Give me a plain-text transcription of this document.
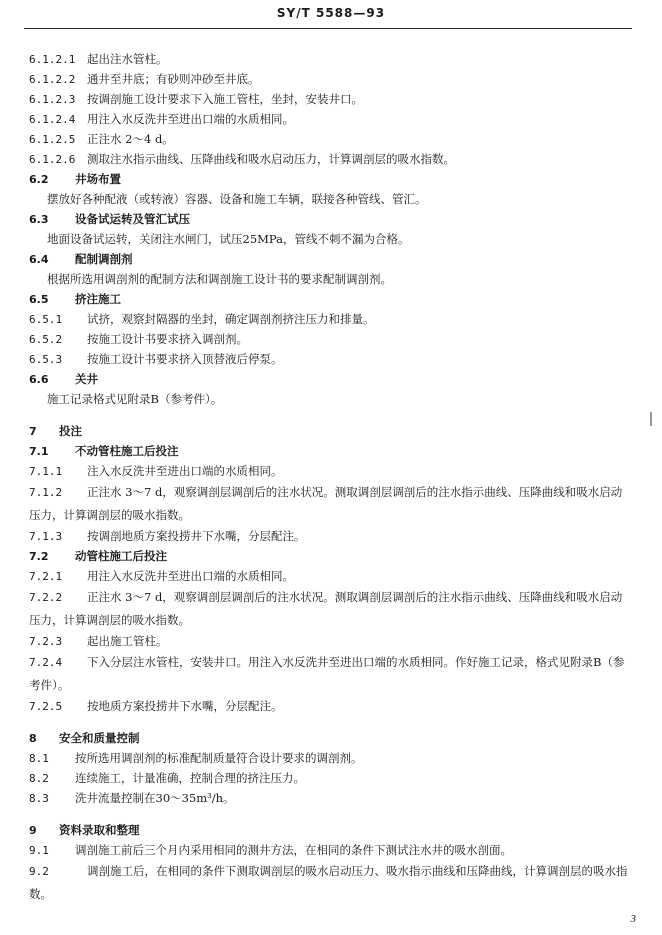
SY/T 5588—93
6.1.2.1 起出注水管柱。
6.1.2.2 通井至井底；有砂则冲砂至井底。
6.1.2.3 按调剖施工设计要求下入施工管柱，坐封，安装井口。
6.1.2.4 用注入水反洗井至进出口端的水质相同。
6.1.2.5 正注水 2～4 d。
6.1.2.6 测取注水指示曲线、压降曲线和吸水启动压力，计算调剖层的吸水指数。
6.2 井场布置
摆放好各种配液（或转液）容器、设备和施工车辆，联接各种管线、管汇。
6.3 设备试运转及管汇试压
地面设备试运转，关闭注水闸门，试压25MPa，管线不刺不漏为合格。
6.4 配制调剖剂
根据所选用调剖剂的配制方法和调剖施工设计书的要求配制调剖剂。
6.5 挤注施工
6.5.1 试挤，观察封隔器的坐封，确定调剖剂挤注压力和排量。
6.5.2 按施工设计书要求挤入调剖剂。
6.5.3 按施工设计书要求挤入顶替液后停泵。
6.6 关井
施工记录格式见附录B（参考件）。
7 投注
7.1 不动管柱施工后投注
7.1.1 注入水反洗井至进出口端的水质相同。
7.1.2 正注水 3～7 d，观察调剖层调剖后的注水状况。测取调剖层调剖后的注水指示曲线、压降曲线和吸水启动压力，计算调剖层的吸水指数。
7.1.3 按调剖地质方案投捞井下水嘴，分层配注。
7.2 动管柱施工后投注
7.2.1 用注入水反洗井至进出口端的水质相同。
7.2.2 正注水 3～7 d，观察调剖层调剖后的注水状况。测取调剖层调剖后的注水指示曲线、压降曲线和吸水启动压力，计算调剖层的吸水指数。
7.2.3 起出施工管柱。
7.2.4 下入分层注水管柱，安装井口。用注入水反洗井至进出口端的水质相同。作好施工记录，格式见附录B（参考件）。
7.2.5 按地质方案投捞井下水嘴，分层配注。
8 安全和质量控制
8.1 按所选用调剖剂的标准配制质量符合设计要求的调剖剂。
8.2 连续施工，计量准确，控制合理的挤注压力。
8.3 洗井流量控制在30～35m³/h。
9 资料录取和整理
9.1 调剖施工前后三个月内采用相同的测井方法，在相同的条件下测试注水井的吸水剖面。
9.2	调剖施工后，在相同的条件下测取调剖层的吸水启动压力、吸水指示曲线和压降曲线，计算调剖层的吸水指数。
3
